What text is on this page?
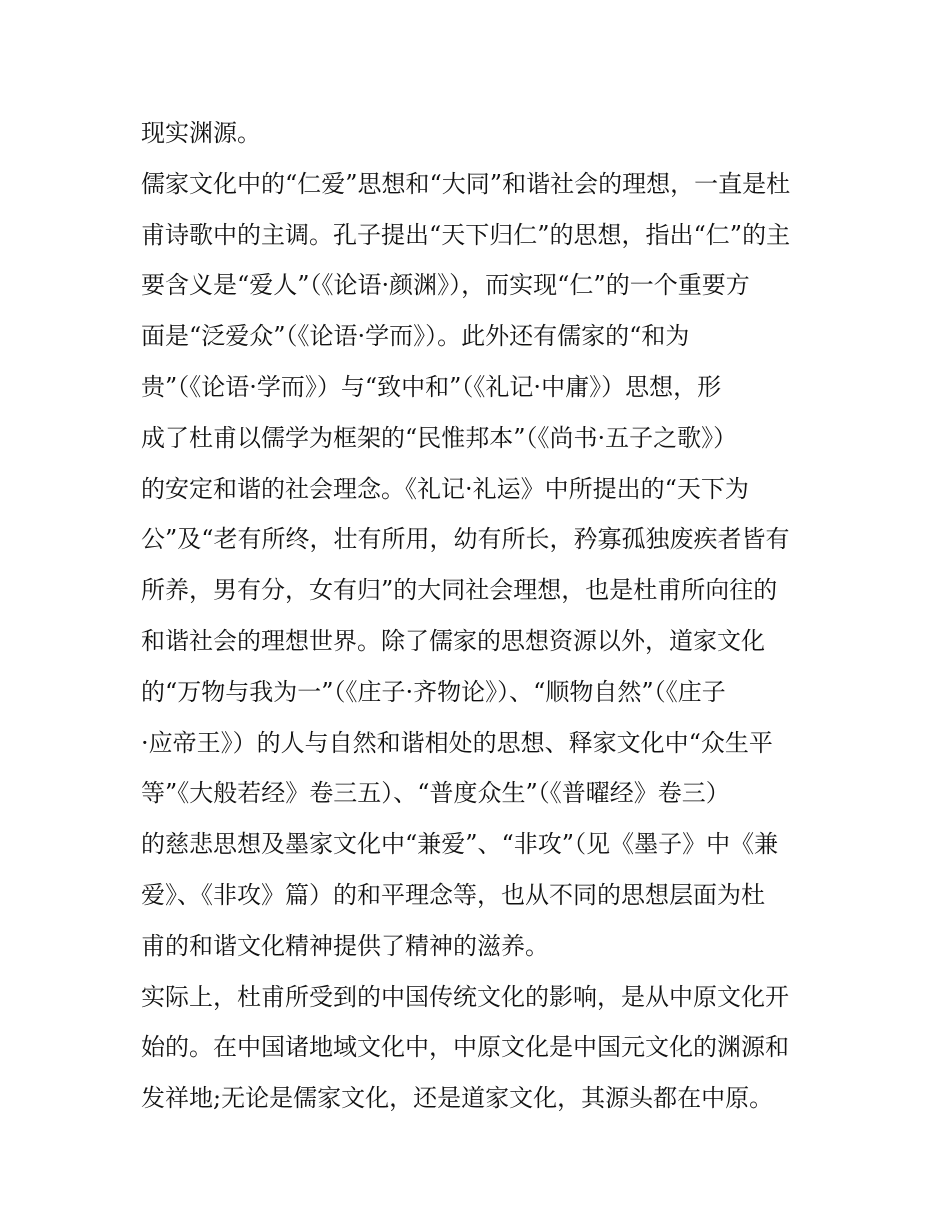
现实渊源。
儒家文化中的“仁爱”思想和“大同”和谐社会的理想，一直是杜
甫诗歌中的主调。孔子提出“天下归仁”的思想，指出“仁”的主
要含义是“爱人”（《论语·颜渊》），而实现“仁”的一个重要方
面是“泛爱众”（《论语·学而》）。此外还有儒家的“和为
贵”（《论语·学而》）与“致中和”（《礼记·中庸》）思想，形
成了杜甫以儒学为框架的“民惟邦本”（《尚书·五子之歌》）
的安定和谐的社会理念。《礼记·礼运》中所提出的“天下为
公”及“老有所终，壮有所用，幼有所长，矜寡孤独废疾者皆有
所养，男有分，女有归”的大同社会理想，也是杜甫所向往的
和谐社会的理想世界。除了儒家的思想资源以外，道家文化
的“万物与我为一”（《庄子·齐物论》）、“顺物自然”（《庄子
·应帝王》）的人与自然和谐相处的思想、释家文化中“众生平
等”《大般若经》卷三五）、“普度众生”（《普曜经》卷三）
的慈悲思想及墨家文化中“兼爱”、“非攻”（见《墨子》中《兼
爱》、《非攻》篇）的和平理念等，也从不同的思想层面为杜
甫的和谐文化精神提供了精神的滋养。
实际上，杜甫所受到的中国传统文化的影响，是从中原文化开
始的。在中国诸地域文化中，中原文化是中国元文化的渊源和
发祥地;无论是儒家文化，还是道家文化，其源头都在中原。
